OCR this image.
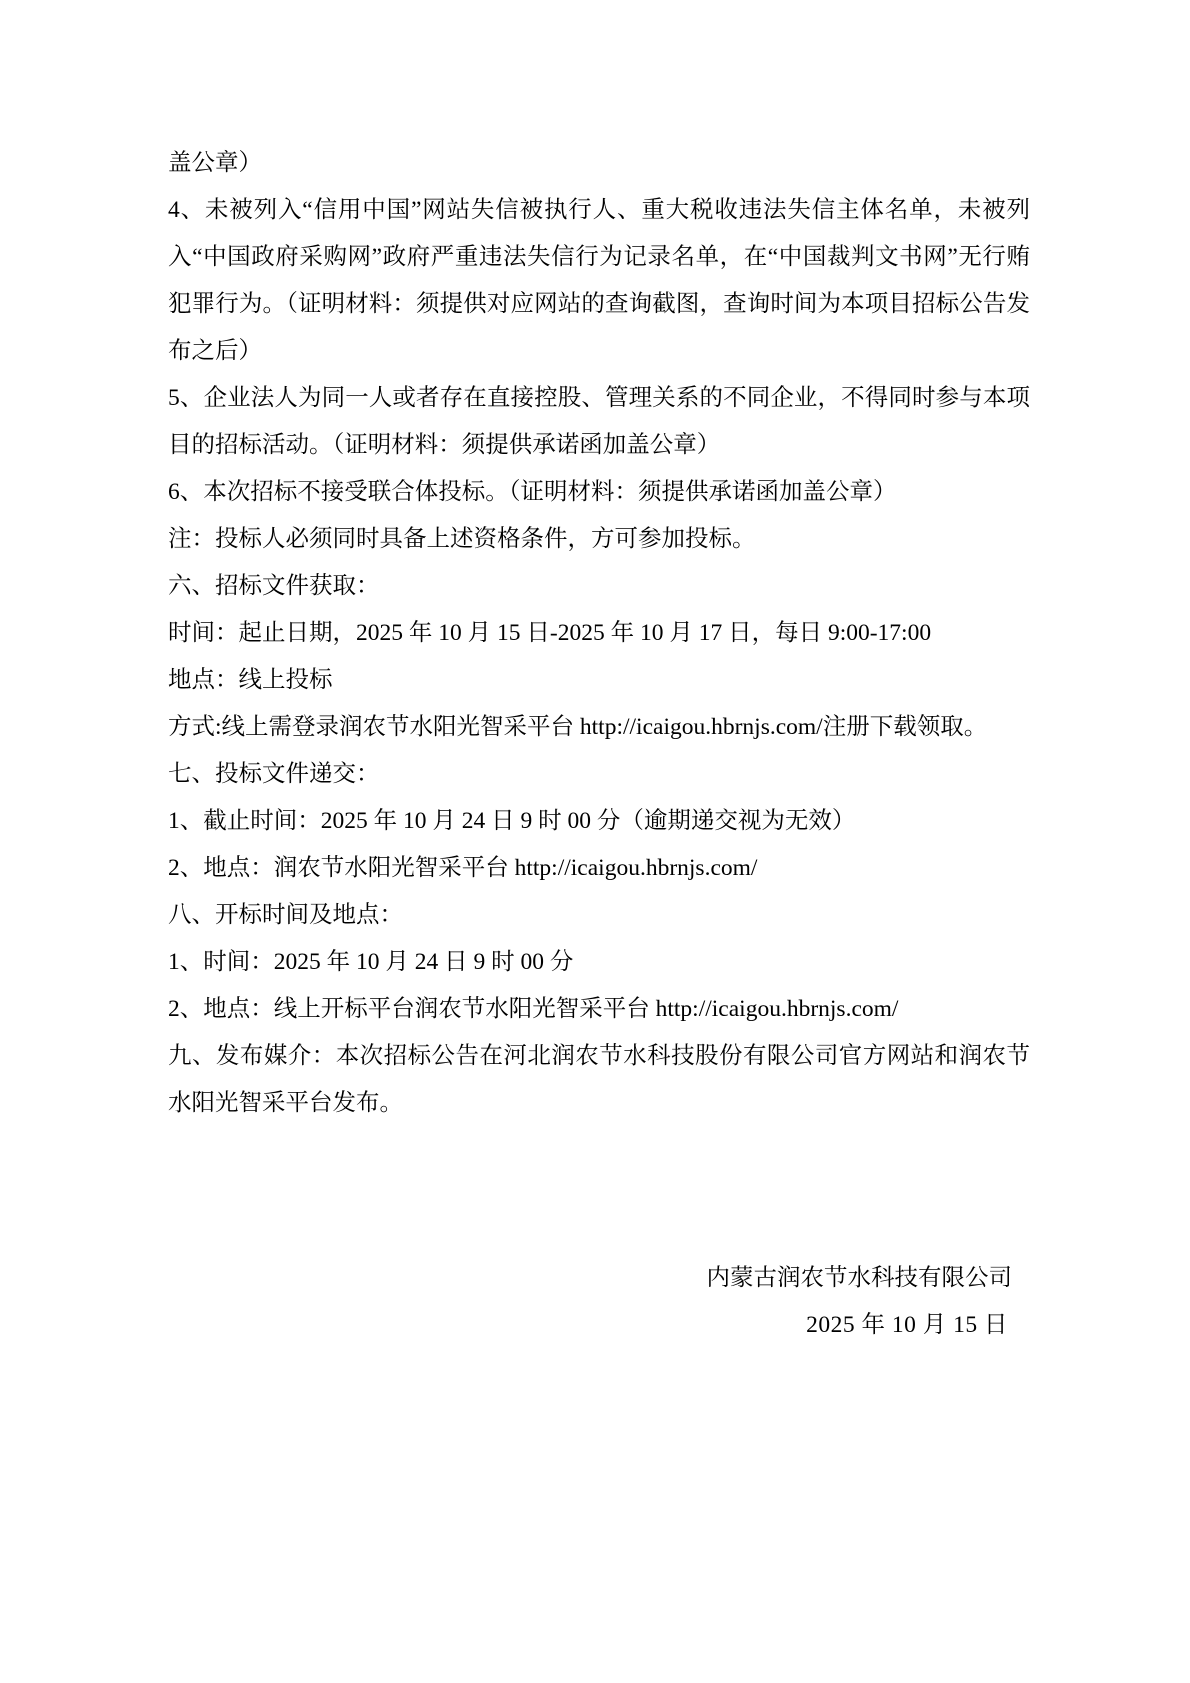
盖公章）

4、未被列入“信用中国”网站失信被执行人、重大税收违法失信主体名单，未被列入“中国政府采购网”政府严重违法失信行为记录名单，在“中国裁判文书网”无行贿犯罪行为。（证明材料：须提供对应网站的查询截图，查询时间为本项目招标公告发布之后）

5、企业法人为同一人或者存在直接控股、管理关系的不同企业，不得同时参与本项目的招标活动。（证明材料：须提供承诺函加盖公章）

6、本次招标不接受联合体投标。（证明材料：须提供承诺函加盖公章）

注：投标人必须同时具备上述资格条件，方可参加投标。

六、招标文件获取：

时间：起止日期，2025 年 10 月 15 日-2025 年 10 月 17 日，每日 9:00-17:00

地点：线上投标

方式:线上需登录润农节水阳光智采平台 http://icaigou.hbrnjs.com/注册下载领取。

七、投标文件递交：

1、截止时间：2025 年 10 月 24 日 9 时 00 分（逾期递交视为无效）

2、地点：润农节水阳光智采平台 http://icaigou.hbrnjs.com/

八、开标时间及地点：

1、时间：2025 年 10 月 24 日 9 时 00 分

2、地点：线上开标平台润农节水阳光智采平台 http://icaigou.hbrnjs.com/

九、发布媒介：本次招标公告在河北润农节水科技股份有限公司官方网站和润农节水阳光智采平台发布。

内蒙古润农节水科技有限公司
2025 年 10 月 15 日
